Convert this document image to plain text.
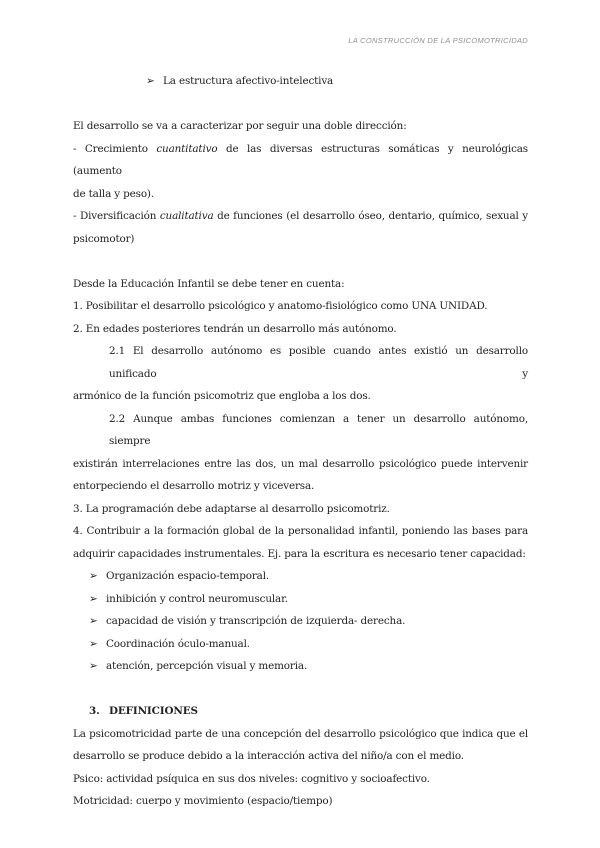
LA CONSTRUCCIÓN DE LA PSICOMOTRICIDAD
➢ La estructura afectivo-intelectiva
El desarrollo se va a caracterizar por seguir una doble dirección:
- Crecimiento cuantitativo de las diversas estructuras somáticas y neurológicas (aumento
de talla y peso).
- Diversificación cualitativa de funciones (el desarrollo óseo, dentario, químico, sexual y
psicomotor)
Desde la Educación Infantil se debe tener en cuenta:
1. Posibilitar el desarrollo psicológico y anatomo-fisiológico como UNA UNIDAD.
2. En edades posteriores tendrán un desarrollo más autónomo.
2.1 El desarrollo autónomo es posible cuando antes existió un desarrollo unificado y
armónico de la función psicomotriz que engloba a los dos.
2.2 Aunque ambas funciones comienzan a tener un desarrollo autónomo, siempre
existirán interrelaciones entre las dos, un mal desarrollo psicológico puede intervenir
entorpeciendo el desarrollo motriz y viceversa.
3. La programación debe adaptarse al desarrollo psicomotriz.
4. Contribuir a la formación global de la personalidad infantil, poniendo las bases para
adquirir capacidades instrumentales. Ej. para la escritura es necesario tener capacidad:
➢ Organización espacio-temporal.
➢ inhibición y control neuromuscular.
➢ capacidad de visión y transcripción de izquierda- derecha.
➢ Coordinación óculo-manual.
➢ atención, percepción visual y memoria.
3. DEFINICIONES
La psicomotricidad parte de una concepción del desarrollo psicológico que indica que el
desarrollo se produce debido a la interacción activa del niño/a con el medio.
Psico: actividad psíquica en sus dos niveles: cognitivo y socioafectivo.
Motricidad: cuerpo y movimiento (espacio/tiempo)
